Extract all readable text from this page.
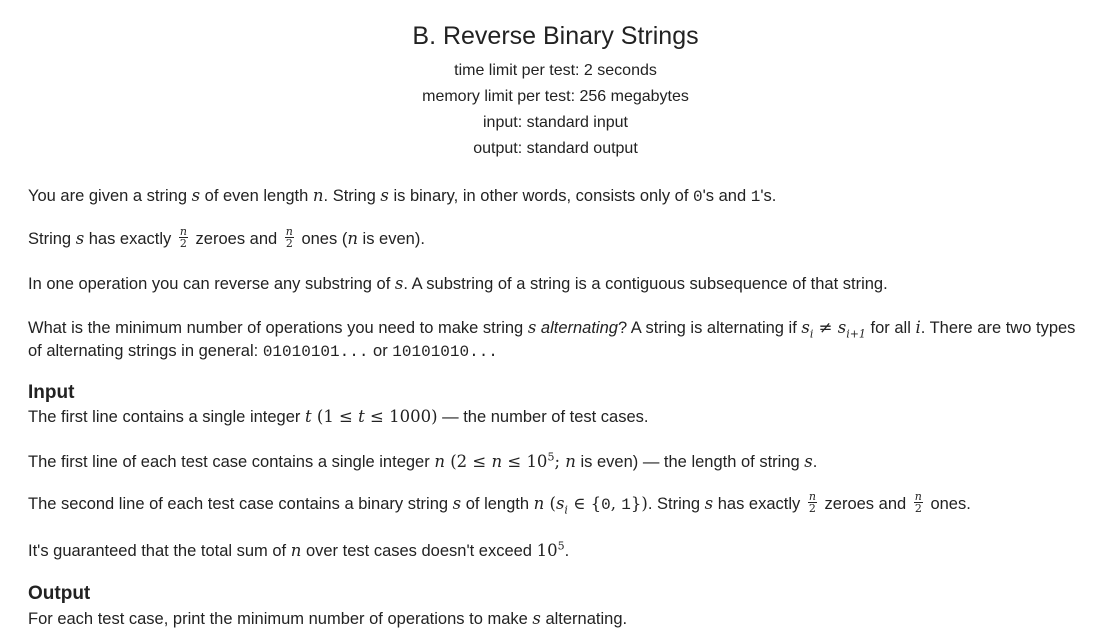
B. Reverse Binary Strings
time limit per test: 2 seconds
memory limit per test: 256 megabytes
input: standard input
output: standard output

You are given a string s of even length n. String s is binary, in other words, consists only of 0's and 1's.

String s has exactly $\frac{n}{2}$ zeroes and $\frac{n}{2}$ ones (n is even).

In one operation you can reverse any substring of s. A substring of a string is a contiguous subsequence of that string.

What is the minimum number of operations you need to make string s alternating? A string is alternating if $s_i \ne s_{i+1}$ for all i. There are two types of alternating strings in general: 01010101... or 10101010...

Input

The first line contains a single integer t (1 ≤ t ≤ 1000) — the number of test cases.

The first line of each test case contains a single integer n ($2 \le n \le 10^5$; n is even) — the length of string s.

The second line of each test case contains a binary string s of length n ($s_i$ ∈ {0, 1}). String s has exactly $\frac{n}{2}$ zeroes and $\frac{n}{2}$ ones.

It's guaranteed that the total sum of n over test cases doesn't exceed $10^5$.

Output

For each test case, print the minimum number of operations to make s alternating.
